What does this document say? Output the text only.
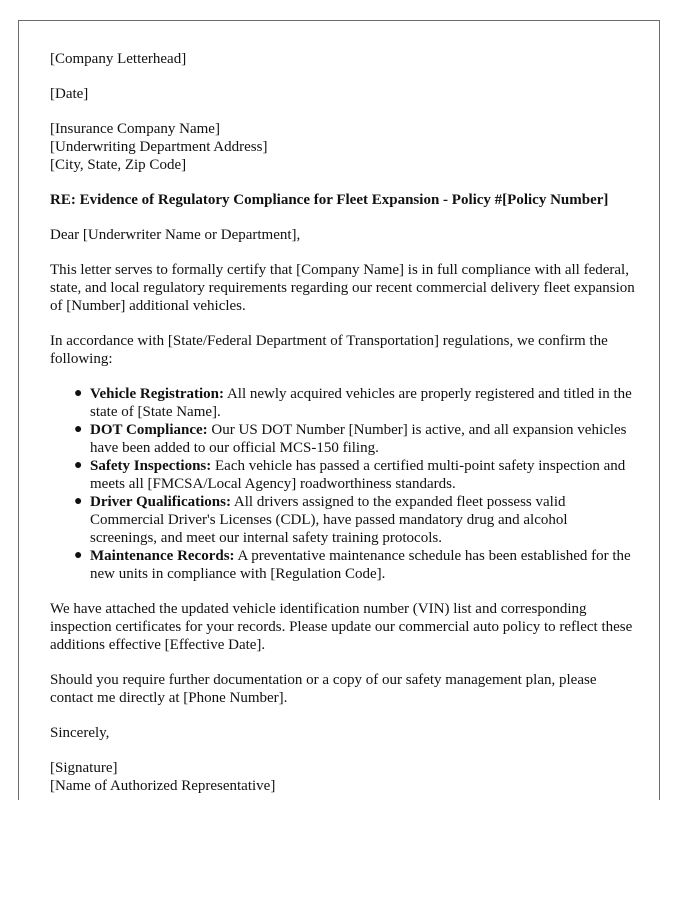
[Company Letterhead]

[Date]

[Insurance Company Name]
[Underwriting Department Address]
[City, State, Zip Code]

RE: Evidence of Regulatory Compliance for Fleet Expansion - Policy #[Policy Number]

Dear [Underwriter Name or Department],

This letter serves to formally certify that [Company Name] is in full compliance with all federal, state, and local regulatory requirements regarding our recent commercial delivery fleet expansion of [Number] additional vehicles.

In accordance with [State/Federal Department of Transportation] regulations, we confirm the following:

● Vehicle Registration: All newly acquired vehicles are properly registered and titled in the state of [State Name].
● DOT Compliance: Our US DOT Number [Number] is active, and all expansion vehicles have been added to our official MCS-150 filing.
● Safety Inspections: Each vehicle has passed a certified multi-point safety inspection and meets all [FMCSA/Local Agency] roadworthiness standards.
● Driver Qualifications: All drivers assigned to the expanded fleet possess valid Commercial Driver's Licenses (CDL), have passed mandatory drug and alcohol screenings, and meet our internal safety training protocols.
● Maintenance Records: A preventative maintenance schedule has been established for the new units in compliance with [Regulation Code].

We have attached the updated vehicle identification number (VIN) list and corresponding inspection certificates for your records. Please update our commercial auto policy to reflect these additions effective [Effective Date].

Should you require further documentation or a copy of our safety management plan, please contact me directly at [Phone Number].

Sincerely,

[Signature]
[Name of Authorized Representative]
